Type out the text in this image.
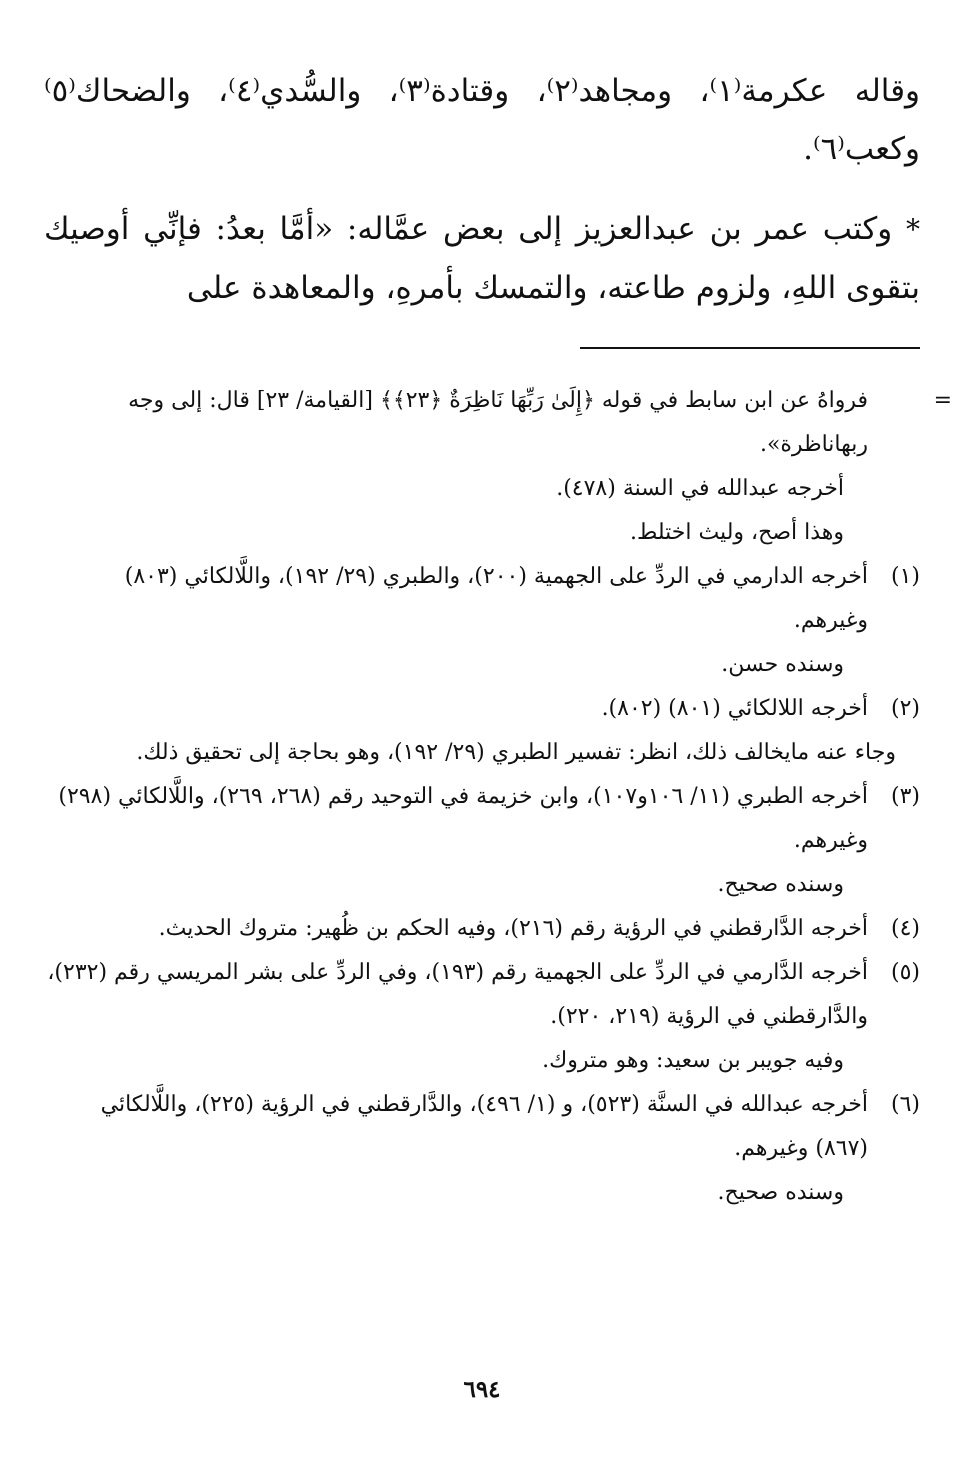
وقاله عكرمة⁽١⁾، ومجاهد⁽٢⁾، وقتادة⁽٣⁾، والسُّدي⁽٤⁾، والضحاك⁽٥⁾ وكعب⁽٦⁾.

* وكتب عمر بن عبدالعزيز إلى بعض عمَّاله: «أمَّا بعدُ: فإنِّي أوصيك بتقوى اللهِ، ولزوم طاعته، والتمسك بأمرهِ، والمعاهدة على

=
فرواهُ عن ابن سابط في قوله ﴿إِلَىٰ رَبِّهَا نَاظِرَةٌ ﴿٢٣﴾﴾ [القيامة/ ٢٣] قال: إلى وجه ربهاناظرة».
أخرجه عبدالله في السنة (٤٧٨).
وهذا أصح، وليث اختلط.
(١)
أخرجه الدارمي في الردِّ على الجهمية (٢٠٠)، والطبري (٢٩/ ١٩٢)، واللَّالكائي (٨٠٣) وغيرهم.
وسنده حسن.
(٢)
أخرجه اللالكائي (٨٠١) (٨٠٢).
وجاء عنه مايخالف ذلك، انظر: تفسير الطبري (٢٩/ ١٩٢)، وهو بحاجة إلى تحقيق ذلك.
(٣)
أخرجه الطبري (١١/ ١٠٦و١٠٧)، وابن خزيمة في التوحيد رقم (٢٦٨، ٢٦٩)، واللَّالكائي (٢٩٨) وغيرهم.
وسنده صحيح.
(٤)
أخرجه الدَّارقطني في الرؤية رقم (٢١٦)، وفيه الحكم بن ظُهير: متروك الحديث.
(٥)
أخرجه الدَّارمي في الردِّ على الجهمية رقم (١٩٣)، وفي الردِّ على بشر المريسي رقم (٢٣٢)، والدَّارقطني في الرؤية (٢١٩، ٢٢٠).
وفيه جويبر بن سعيد: وهو متروك.
(٦)
أخرجه عبدالله في السنَّة (٥٢٣)، و (١/ ٤٩٦)، والدَّارقطني في الرؤية (٢٢٥)، واللَّالكائي (٨٦٧) وغيرهم.
وسنده صحيح.
٦٩٤
